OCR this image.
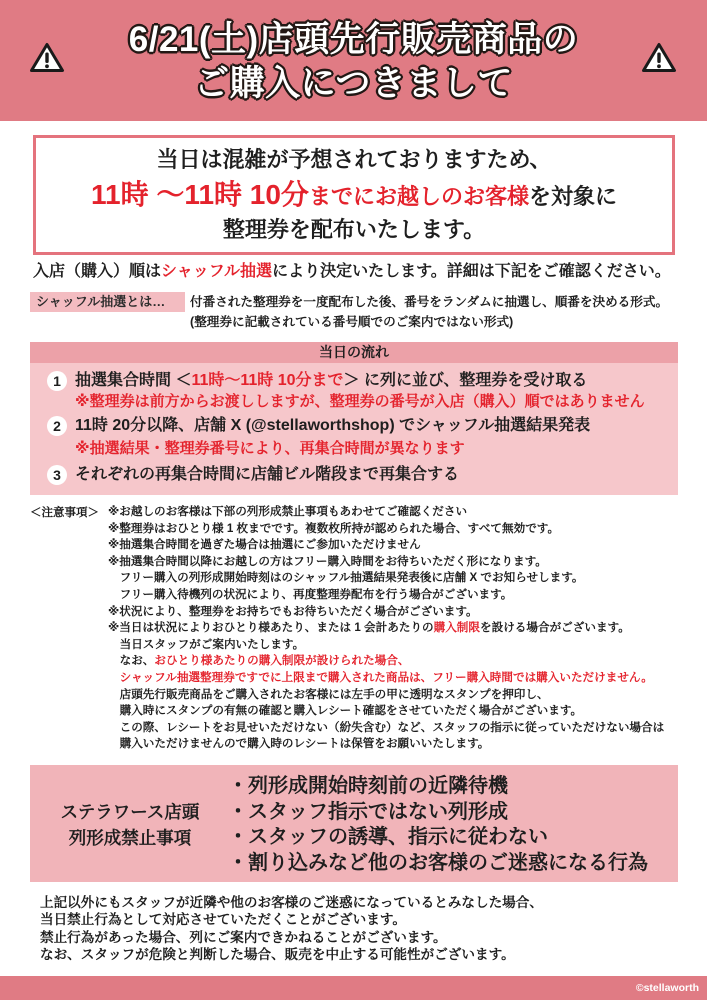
6/21(土)店頭先行販売商品の
ご購入につきまして
当日は混雑が予想されておりますため、
11時 〜11時 10分までにお越しのお客様を対象に
整理券を配布いたします。
入店（購入）順はシャッフル抽選により決定いたします。詳細は下記をご確認ください。
シャッフル抽選とは…	付番された整理券を一度配布した後、番号をランダムに抽選し、順番を決める形式。
(整理券に記載されている番号順でのご案内ではない形式)
当日の流れ
1 抽選集合時間 ＜11時〜11時 10分まで＞ に列に並び、整理券を受け取る
※整理券は前方からお渡ししますが、整理券の番号が入店（購入）順ではありません
2 11時 20分以降、店舗 X (@stellaworthshop) でシャッフル抽選結果発表
※抽選結果・整理券番号により、再集合時間が異なります
3 それぞれの再集合時間に店舗ビル階段まで再集合する
＜注意事項＞ ※お越しのお客様は下部の列形成禁止事項もあわせてご確認ください
※整理券はおひとり様 1 枚までです。複数枚所持が認められた場合、すべて無効です。
※抽選集合時間を過ぎた場合は抽選にご参加いただけません
※抽選集合時間以降にお越しの方はフリー購入時間をお待ちいただく形になります。
フリー購入の列形成開始時刻はのシャッフル抽選結果発表後に店舗 X でお知らせします。
フリー購入待機列の状況により、再度整理券配布を行う場合がございます。
※状況により、整理券をお持ちでもお待ちいただく場合がございます。
※当日は状況によりおひとり様あたり、または 1 会計あたりの購入制限を設ける場合がございます。
当日スタッフがご案内いたします。
なお、おひとり様あたりの購入制限が設けられた場合、
シャッフル抽選整理券ですでに上限まで購入された商品は、フリー購入時間では購入いただけません。
店頭先行販売商品をご購入されたお客様には左手の甲に透明なスタンプを押印し、
購入時にスタンプの有無の確認と購入レシート確認をさせていただく場合がございます。
この際、レシートをお見せいただけない（紛失含む）など、スタッフの指示に従っていただけない場合は
購入いただけませんので購入時のレシートは保管をお願いいたします。
ステラワース店頭
列形成禁止事項
・列形成開始時刻前の近隣待機
・スタッフ指示ではない列形成
・スタッフの誘導、指示に従わない
・割り込みなど他のお客様のご迷惑になる行為
上記以外にもスタッフが近隣や他のお客様のご迷惑になっているとみなした場合、
当日禁止行為として対応させていただくことがございます。
禁止行為があった場合、列にご案内できかねることがございます。
なお、スタッフが危険と判断した場合、販売を中止する可能性がございます。
©stellaworth
